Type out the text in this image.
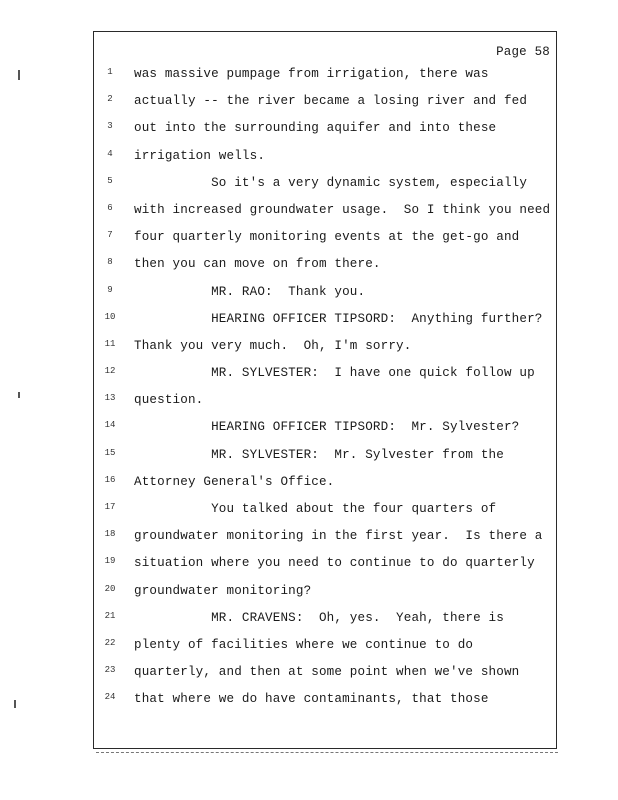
Page 58
1	was massive pumpage from irrigation, there was
2	actually -- the river became a losing river and fed
3	out into the surrounding aquifer and into these
4	irrigation wells.
5	So it's a very dynamic system, especially
6	with increased groundwater usage.  So I think you need
7	four quarterly monitoring events at the get-go and
8	then you can move on from there.
9	MR. RAO:  Thank you.
10	HEARING OFFICER TIPSORD:  Anything further?
11	Thank you very much.  Oh, I'm sorry.
12	MR. SYLVESTER:  I have one quick follow up
13	question.
14	HEARING OFFICER TIPSORD:  Mr. Sylvester?
15	MR. SYLVESTER:  Mr. Sylvester from the
16	Attorney General's Office.
17	You talked about the four quarters of
18	groundwater monitoring in the first year.  Is there a
19	situation where you need to continue to do quarterly
20	groundwater monitoring?
21	MR. CRAVENS:  Oh, yes.  Yeah, there is
22	plenty of facilities where we continue to do
23	quarterly, and then at some point when we've shown
24	that where we do have contaminants, that those
